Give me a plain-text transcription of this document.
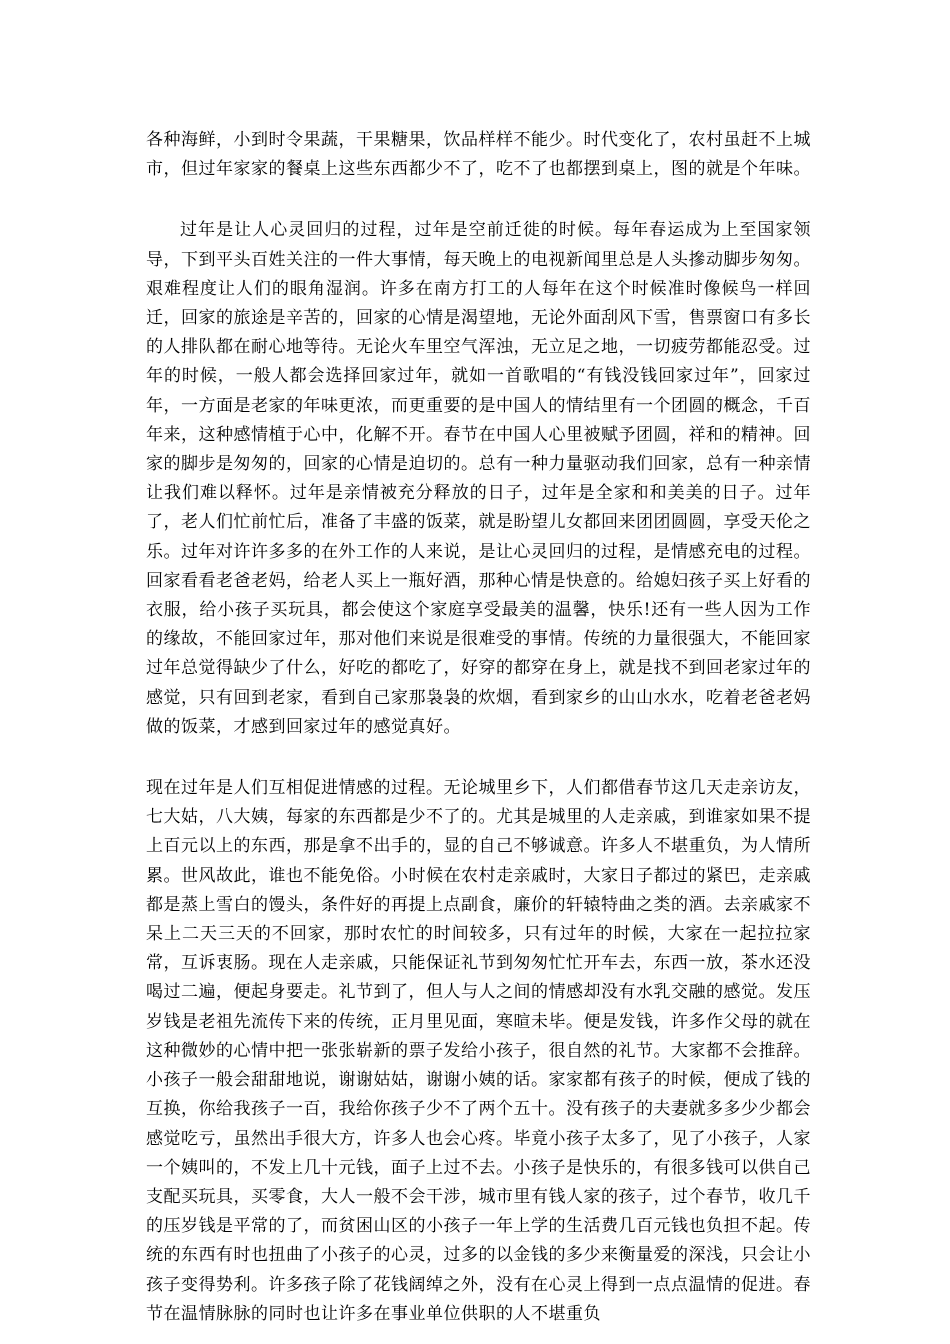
各种海鲜，小到时令果蔬，干果糖果，饮品样样不能少。时代变化了，农村虽赶不上城市，但过年家家的餐桌上这些东西都少不了，吃不了也都摆到桌上，图的就是个年味。

过年是让人心灵回归的过程，过年是空前迁徙的时候。每年春运成为上至国家领导，下到平头百姓关注的一件大事情，每天晚上的电视新闻里总是人头摻动脚步匆匆。艰难程度让人们的眼角湿润。许多在南方打工的人每年在这个时候准时像候鸟一样回迁，回家的旅途是辛苦的，回家的心情是渴望地，无论外面刮风下雪，售票窗口有多长的人排队都在耐心地等待。无论火车里空气浑浊，无立足之地，一切疲劳都能忍受。过年的时候，一般人都会选择回家过年，就如一首歌唱的“有钱没钱回家过年”，回家过年，一方面是老家的年味更浓，而更重要的是中国人的情结里有一个团圆的概念，千百年来，这种感情植于心中，化解不开。春节在中国人心里被赋予团圆，祥和的精神。回家的脚步是匆匆的，回家的心情是迫切的。总有一种力量驱动我们回家，总有一种亲情让我们难以释怀。过年是亲情被充分释放的日子，过年是全家和和美美的日子。过年了，老人们忙前忙后，准备了丰盛的饭菜，就是盼望儿女都回来团团圆圆，享受天伦之乐。过年对许许多多的在外工作的人来说，是让心灵回归的过程，是情感充电的过程。回家看看老爸老妈，给老人买上一瓶好酒，那种心情是快意的。给媳妇孩子买上好看的衣服，给小孩子买玩具，都会使这个家庭享受最美的温馨，快乐!还有一些人因为工作的缘故，不能回家过年，那对他们来说是很难受的事情。传统的力量很强大，不能回家过年总觉得缺少了什么，好吃的都吃了，好穿的都穿在身上，就是找不到回老家过年的感觉，只有回到老家，看到自己家那袅袅的炊烟，看到家乡的山山水水，吃着老爸老妈做的饭菜，才感到回家过年的感觉真好。

现在过年是人们互相促进情感的过程。无论城里乡下，人们都借春节这几天走亲访友，七大姑，八大姨，每家的东西都是少不了的。尤其是城里的人走亲戚，到谁家如果不提上百元以上的东西，那是拿不出手的，显的自己不够诚意。许多人不堪重负，为人情所累。世风故此，谁也不能免俗。小时候在农村走亲戚时，大家日子都过的紧巴，走亲戚都是蒸上雪白的馒头，条件好的再提上点副食，廉价的轩辕特曲之类的酒。去亲戚家不呆上二天三天的不回家，那时农忙的时间较多，只有过年的时候，大家在一起拉拉家常，互诉衷肠。现在人走亲戚，只能保证礼节到匆匆忙忙开车去，东西一放，茶水还没喝过二遍，便起身要走。礼节到了，但人与人之间的情感却没有水乳交融的感觉。发压岁钱是老祖先流传下来的传统，正月里见面，寒暄未毕。便是发钱，许多作父母的就在这种微妙的心情中把一张张崭新的票子发给小孩子，很自然的礼节。大家都不会推辞。小孩子一般会甜甜地说，谢谢姑姑，谢谢小姨的话。家家都有孩子的时候，便成了钱的互换，你给我孩子一百，我给你孩子少不了两个五十。没有孩子的夫妻就多多少少都会感觉吃亏，虽然出手很大方，许多人也会心疼。毕竟小孩子太多了，见了小孩子，人家一个姨叫的，不发上几十元钱，面子上过不去。小孩子是快乐的，有很多钱可以供自己支配买玩具，买零食，大人一般不会干涉，城市里有钱人家的孩子，过个春节，收几千的压岁钱是平常的了，而贫困山区的小孩子一年上学的生活费几百元钱也负担不起。传统的东西有时也扭曲了小孩子的心灵，过多的以金钱的多少来衡量爱的深浅，只会让小孩子变得势利。许多孩子除了花钱阔绰之外，没有在心灵上得到一点点温情的促进。春节在温情脉脉的同时也让许多在事业单位供职的人不堪重负
